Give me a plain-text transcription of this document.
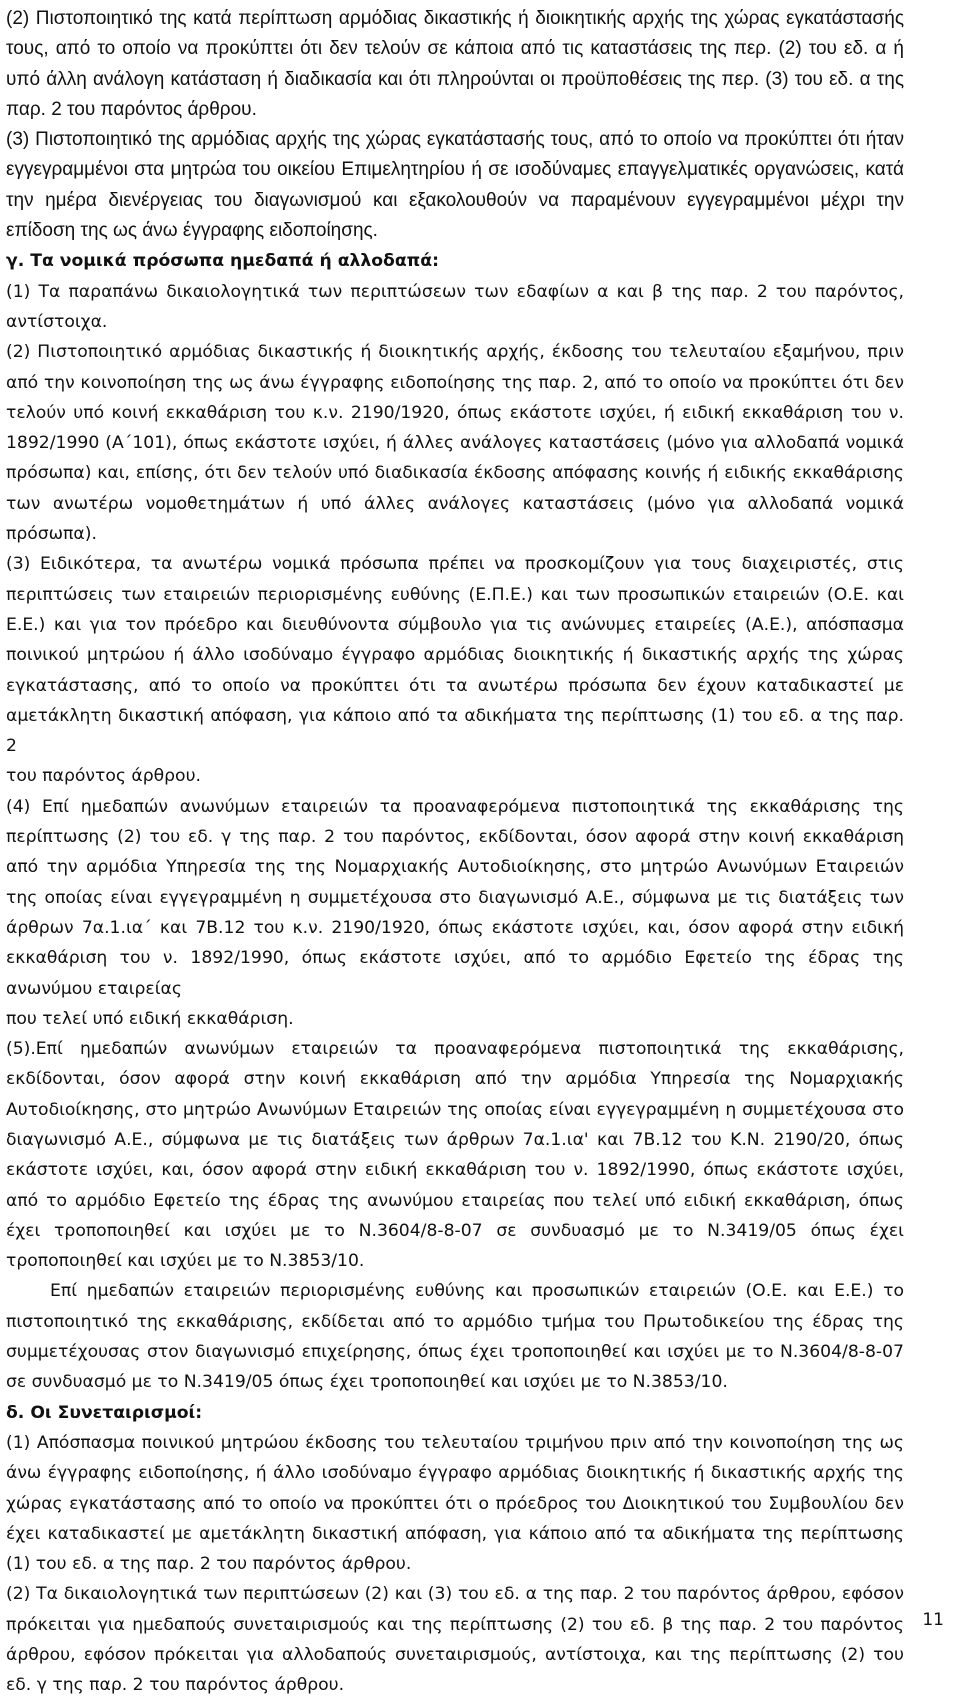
(2) Πιστοποιητικό της κατά περίπτωση αρμόδιας δικαστικής ή διοικητικής αρχής της χώρας εγκατάστασής τους, από το οποίο να προκύπτει ότι δεν τελούν σε κάποια από τις καταστάσεις της περ. (2) του εδ. α ή υπό άλλη ανάλογη κατάσταση ή διαδικασία και ότι πληρούνται οι προϋποθέσεις της περ. (3) του εδ. α της παρ. 2 του παρόντος άρθρου.

(3) Πιστοποιητικό της αρμόδιας αρχής της χώρας εγκατάστασής τους, από το οποίο να προκύπτει ότι ήταν εγγεγραμμένοι στα μητρώα του οικείου Επιμελητηρίου ή σε ισοδύναμες επαγγελματικές οργανώσεις, κατά την ημέρα διενέργειας του διαγωνισμού και εξακολουθούν να παραμένουν εγγεγραμμένοι μέχρι την επίδοση της ως άνω έγγραφης ειδοποίησης.

γ. Τα νομικά πρόσωπα ημεδαπά ή αλλοδαπά:

(1) Τα παραπάνω δικαιολογητικά των περιπτώσεων των εδαφίων α και β της παρ. 2 του παρόντος, αντίστοιχα.

(2) Πιστοποιητικό αρμόδιας δικαστικής ή διοικητικής αρχής, έκδοσης του τελευταίου εξαμήνου, πριν από την κοινοποίηση της ως άνω έγγραφης ειδοποίησης της παρ. 2, από το οποίο να προκύπτει ότι δεν τελούν υπό κοινή εκκαθάριση του κ.ν. 2190/1920, όπως εκάστοτε ισχύει, ή ειδική εκκαθάριση του ν. 1892/1990 (Α΄101), όπως εκάστοτε ισχύει, ή άλλες ανάλογες καταστάσεις (μόνο για αλλοδαπά νομικά πρόσωπα) και, επίσης, ότι δεν τελούν υπό διαδικασία έκδοσης απόφασης κοινής ή ειδικής εκκαθάρισης των ανωτέρω νομοθετημάτων ή υπό άλλες ανάλογες καταστάσεις (μόνο για αλλοδαπά νομικά πρόσωπα).

(3) Ειδικότερα, τα ανωτέρω νομικά πρόσωπα πρέπει να προσκομίζουν για τους διαχειριστές, στις περιπτώσεις των εταιρειών περιορισμένης ευθύνης (Ε.Π.Ε.) και των προσωπικών εταιρειών (Ο.Ε. και Ε.Ε.) και για τον πρόεδρο και διευθύνοντα σύμβουλο για τις ανώνυμες εταιρείες (Α.Ε.), απόσπασμα ποινικού μητρώου ή άλλο ισοδύναμο έγγραφο αρμόδιας διοικητικής ή δικαστικής αρχής της χώρας εγκατάστασης, από το οποίο να προκύπτει ότι τα ανωτέρω πρόσωπα δεν έχουν καταδικαστεί με αμετάκλητη δικαστική απόφαση, για κάποιο από τα αδικήματα της περίπτωσης (1) του εδ. α της παρ. 2

του παρόντος άρθρου.

(4) Επί ημεδαπών ανωνύμων εταιρειών τα προαναφερόμενα πιστοποιητικά της εκκαθάρισης της περίπτωσης (2) του εδ. γ της παρ. 2 του παρόντος, εκδίδονται, όσον αφορά στην κοινή εκκαθάριση από την αρμόδια Υπηρεσία της της Νομαρχιακής Αυτοδιοίκησης, στο μητρώο Ανωνύμων Εταιρειών της οποίας είναι εγγεγραμμένη η συμμετέχουσα στο διαγωνισμό Α.Ε., σύμφωνα με τις διατάξεις των άρθρων 7α.1.ια΄ και 7Β.12 του κ.ν. 2190/1920, όπως εκάστοτε ισχύει, και, όσον αφορά στην ειδική εκκαθάριση του ν. 1892/1990, όπως εκάστοτε ισχύει, από το αρμόδιο Εφετείο της έδρας της ανωνύμου εταιρείας

που τελεί υπό ειδική εκκαθάριση.

(5).Επί ημεδαπών ανωνύμων εταιρειών τα προαναφερόμενα πιστοποιητικά της εκκαθάρισης, εκδίδονται, όσον αφορά στην κοινή εκκαθάριση από την αρμόδια Υπηρεσία της Νομαρχιακής Αυτοδιοίκησης, στο μητρώο Ανωνύμων Εταιρειών της οποίας είναι εγγεγραμμένη η συμμετέχουσα στο διαγωνισμό Α.Ε., σύμφωνα με τις διατάξεις των άρθρων 7α.1.ια' και 7Β.12 του Κ.Ν. 2190/20, όπως εκάστοτε ισχύει, και, όσον αφορά στην ειδική εκκαθάριση του ν. 1892/1990, όπως εκάστοτε ισχύει, από το αρμόδιο Εφετείο της έδρας της ανωνύμου εταιρείας που τελεί υπό ειδική εκκαθάριση, όπως έχει τροποποιηθεί και ισχύει με το Ν.3604/8-8-07 σε συνδυασμό με το Ν.3419/05 όπως έχει τροποποιηθεί και ισχύει με το Ν.3853/10.

Επί ημεδαπών εταιρειών περιορισμένης ευθύνης και προσωπικών εταιρειών (Ο.Ε. και Ε.Ε.) το πιστοποιητικό της εκκαθάρισης, εκδίδεται από το αρμόδιο τμήμα του Πρωτοδικείου της έδρας της συμμετέχουσας στον διαγωνισμό επιχείρησης, όπως έχει τροποποιηθεί και ισχύει με το Ν.3604/8-8-07 σε συνδυασμό με το Ν.3419/05 όπως έχει τροποποιηθεί και ισχύει με το Ν.3853/10.

δ. Οι Συνεταιρισμοί:

(1) Απόσπασμα ποινικού μητρώου έκδοσης του τελευταίου τριμήνου πριν από την κοινοποίηση της ως άνω έγγραφης ειδοποίησης, ή άλλο ισοδύναμο έγγραφο αρμόδιας διοικητικής ή δικαστικής αρχής της χώρας εγκατάστασης από το οποίο να προκύπτει ότι ο πρόεδρος του Διοικητικού του Συμβουλίου δεν έχει καταδικαστεί με αμετάκλητη δικαστική απόφαση, για κάποιο από τα αδικήματα της περίπτωσης (1) του εδ. α της παρ. 2 του παρόντος άρθρου.

(2) Τα δικαιολογητικά των περιπτώσεων (2) και (3) του εδ. α της παρ. 2 του παρόντος άρθρου, εφόσον πρόκειται για ημεδαπούς συνεταιρισμούς και της περίπτωσης (2) του εδ. β της παρ. 2 του παρόντος άρθρου, εφόσον πρόκειται για αλλοδαπούς συνεταιρισμούς, αντίστοιχα, και της περίπτωσης (2) του εδ. γ της παρ. 2 του παρόντος άρθρου.

11
